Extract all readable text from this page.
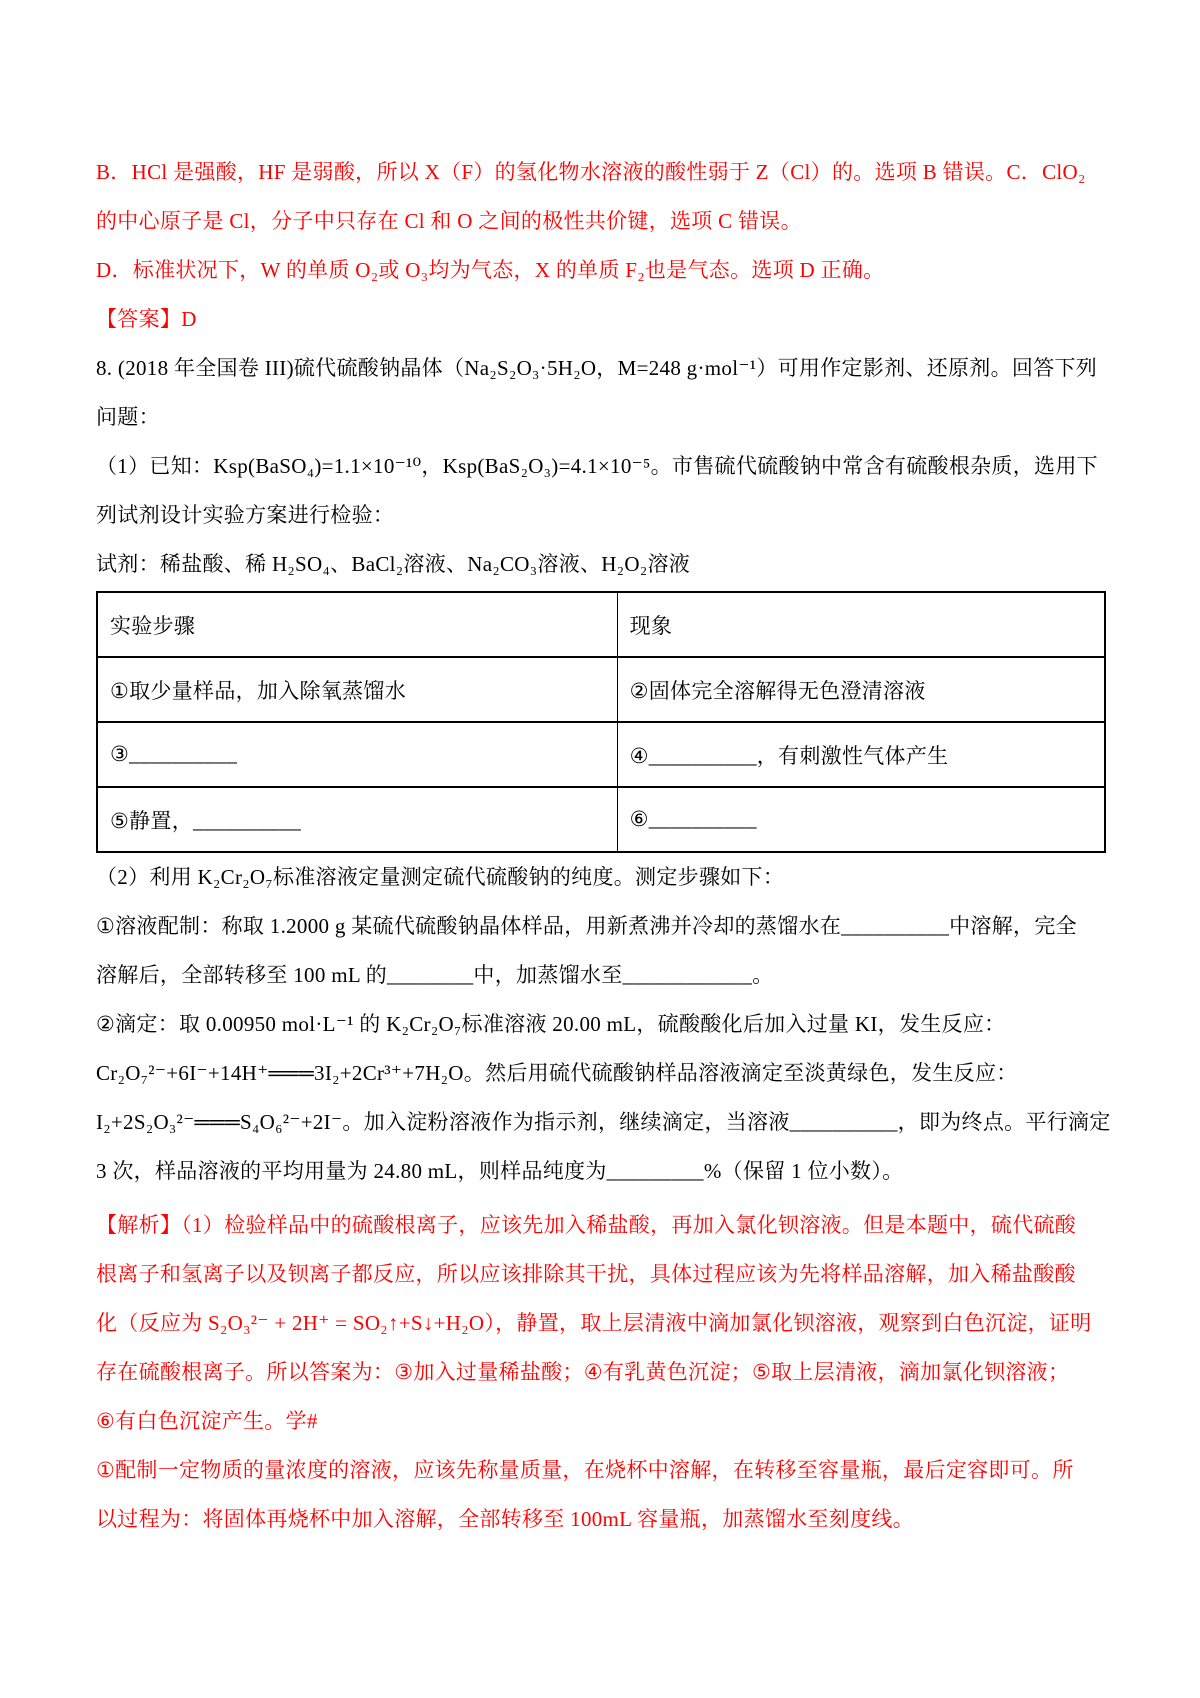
B．HCl 是强酸，HF 是弱酸，所以 X（F）的氢化物水溶液的酸性弱于 Z（Cl）的。选项 B 错误。C．ClO₂
的中心原子是 Cl，分子中只存在 Cl 和 O 之间的极性共价键，选项 C 错误。
D．标准状况下，W 的单质 O₂或 O₃均为气态，X 的单质 F₂也是气态。选项 D 正确。
【答案】D
8. (2018 年全国卷 III)硫代硫酸钠晶体（Na₂S₂O₃·5H₂O，M=248 g·mol⁻¹）可用作定影剂、还原剂。回答下列
问题：
（1）已知：Ksp(BaSO₄)=1.1×10⁻¹⁰，Ksp(BaS₂O₃)=4.1×10⁻⁵。市售硫代硫酸钠中常含有硫酸根杂质，选用下
列试剂设计实验方案进行检验：
试剂：稀盐酸、稀 H₂SO₄、BaCl₂溶液、Na₂CO₃溶液、H₂O₂溶液
实验步骤	现象
①取少量样品，加入除氧蒸馏水	②固体完全溶解得无色澄清溶液
③__________	④__________，有刺激性气体产生
⑤静置，__________	⑥__________
（2）利用 K₂Cr₂O₇标准溶液定量测定硫代硫酸钠的纯度。测定步骤如下：
①溶液配制：称取 1.2000 g 某硫代硫酸钠晶体样品，用新煮沸并冷却的蒸馏水在__________中溶解，完全
溶解后，全部转移至 100 mL 的________中，加蒸馏水至____________。
②滴定：取 0.00950 mol·L⁻¹ 的 K₂Cr₂O₇标准溶液 20.00 mL，硫酸酸化后加入过量 KI，发生反应：
Cr₂O₇²⁻+6I⁻+14H⁺═══3I₂+2Cr³⁺+7H₂O。然后用硫代硫酸钠样品溶液滴定至淡黄绿色，发生反应：
I₂+2S₂O₃²⁻═══S₄O₆²⁻+2I⁻。加入淀粉溶液作为指示剂，继续滴定，当溶液__________，即为终点。平行滴定
3 次，样品溶液的平均用量为 24.80 mL，则样品纯度为_________%（保留 1 位小数）。
【解析】（1）检验样品中的硫酸根离子，应该先加入稀盐酸，再加入氯化钡溶液。但是本题中，硫代硫酸
根离子和氢离子以及钡离子都反应，所以应该排除其干扰，具体过程应该为先将样品溶解，加入稀盐酸酸
化（反应为 S₂O₃²⁻ + 2H⁺ = SO₂↑+S↓+H₂O），静置，取上层清液中滴加氯化钡溶液，观察到白色沉淀，证明
存在硫酸根离子。所以答案为：③加入过量稀盐酸；④有乳黄色沉淀；⑤取上层清液，滴加氯化钡溶液；
⑥有白色沉淀产生。学#
①配制一定物质的量浓度的溶液，应该先称量质量，在烧杯中溶解，在转移至容量瓶，最后定容即可。所
以过程为：将固体再烧杯中加入溶解，全部转移至 100mL 容量瓶，加蒸馏水至刻度线。
